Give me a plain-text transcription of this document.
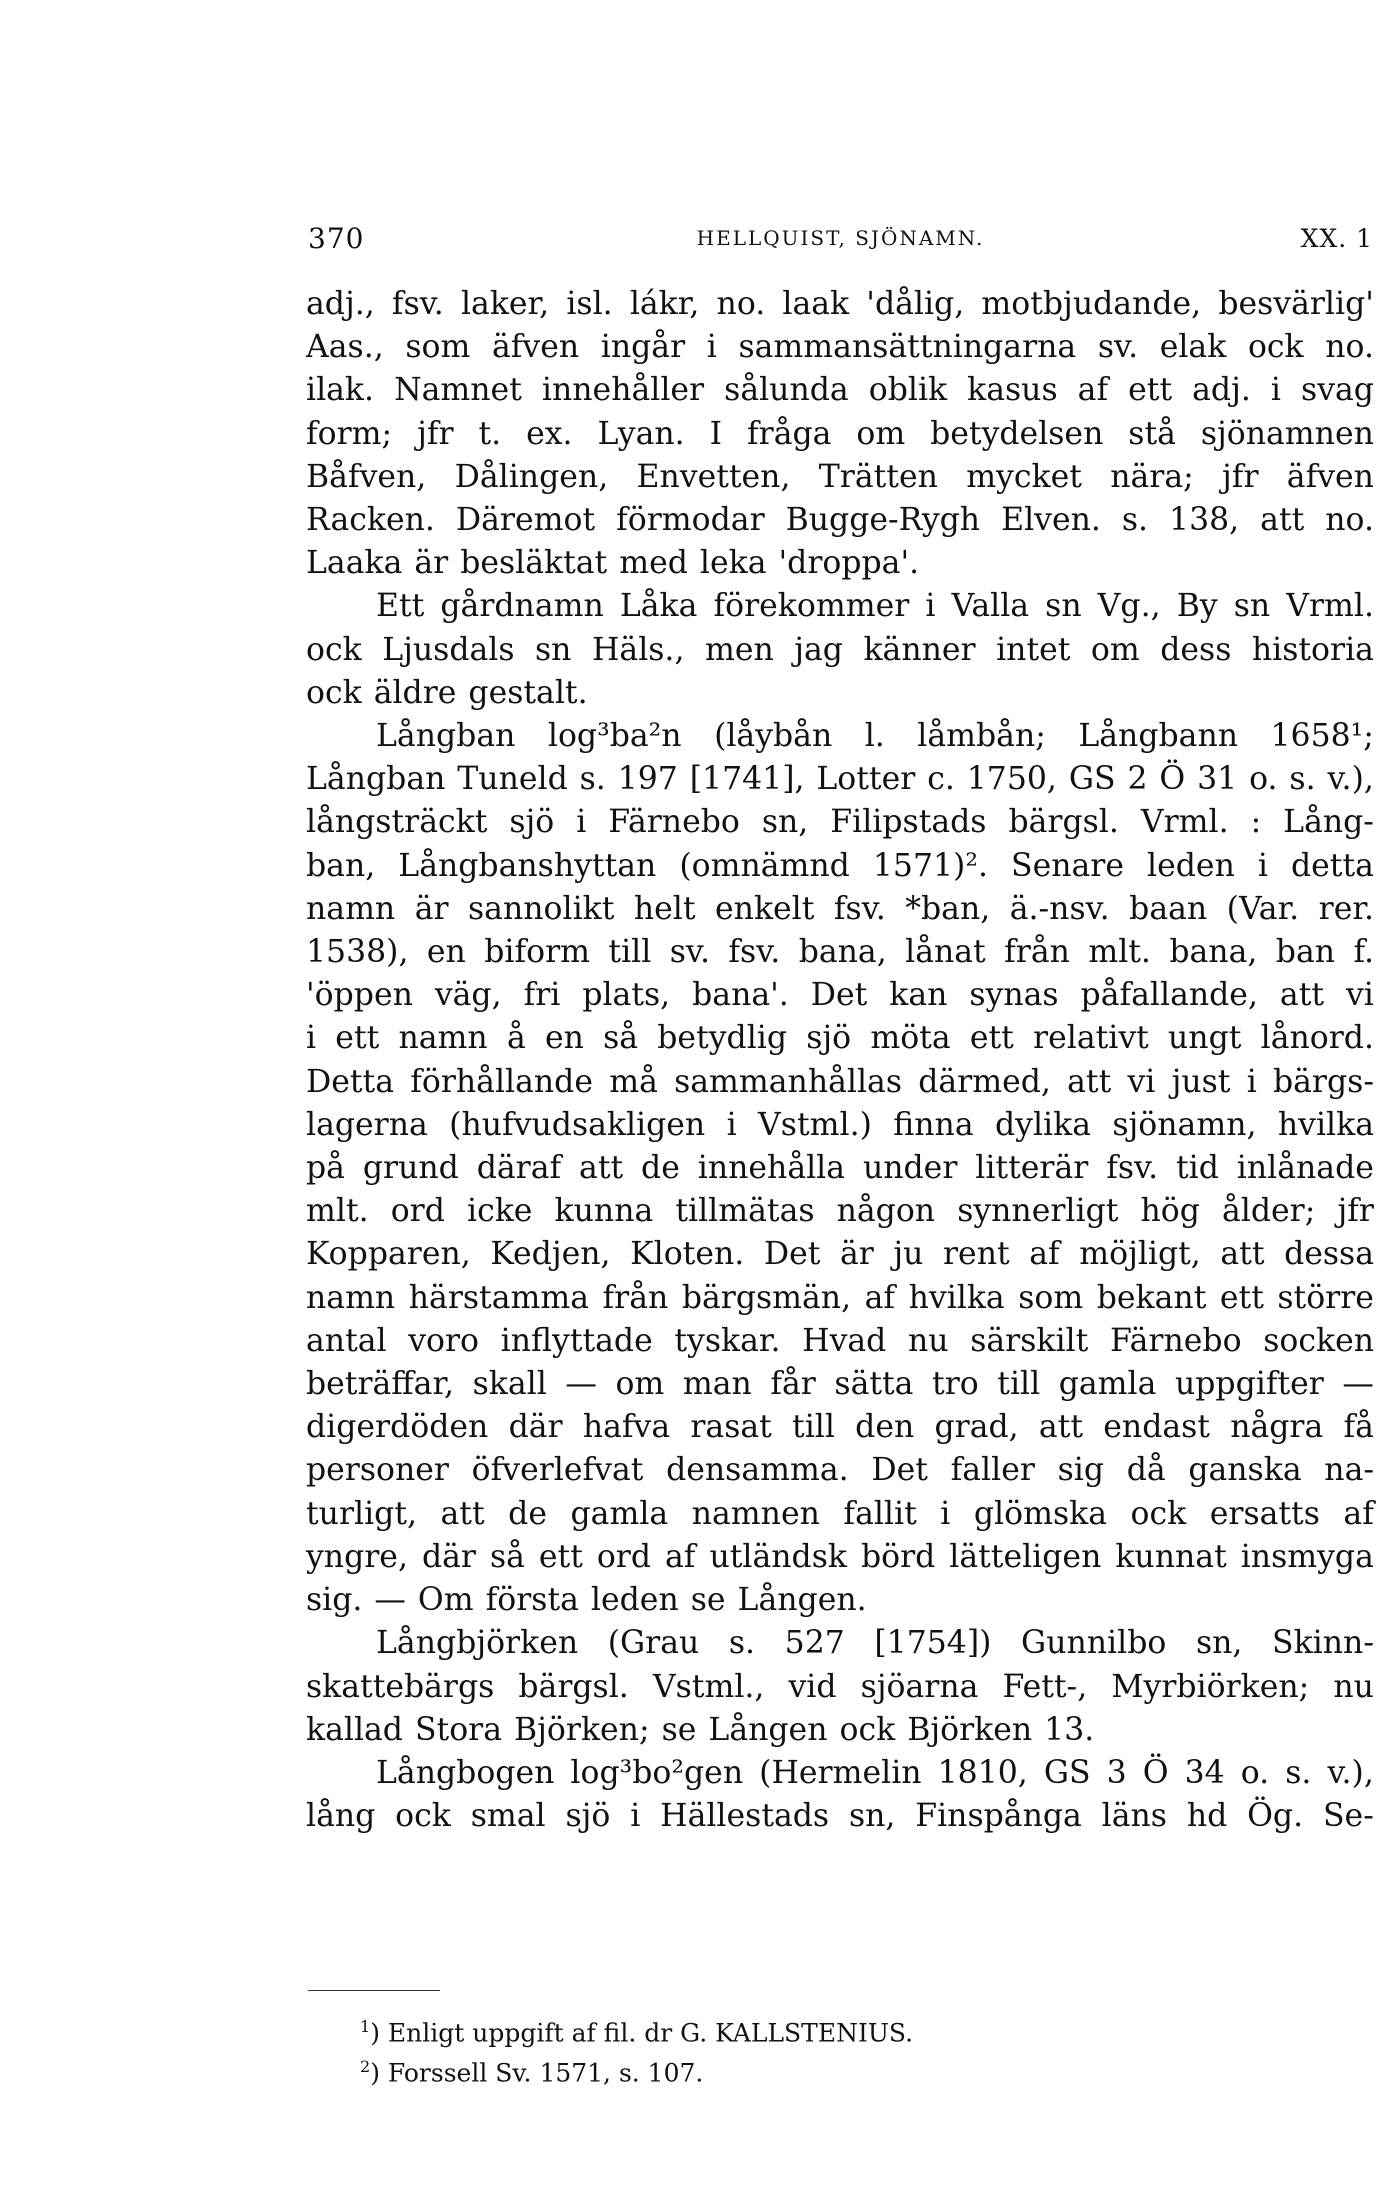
370	HELLQUIST, SJÖNAMN.	XX. 1
adj., fsv. laker, isl. lákr, no. laak 'dålig, motbjudande, besvärlig'
Aas., som äfven ingår i sammansättningarna sv. elak ock no.
ilak. Namnet innehåller sålunda oblik kasus af ett adj. i svag
form; jfr t. ex. Lyan. I fråga om betydelsen stå sjönamnen
Båfven, Dålingen, Envetten, Trätten mycket nära; jfr äfven
Racken. Däremot förmodar Bugge-Rygh Elven. s. 138, att no.
Laaka är besläktat med leka 'droppa'.
Ett gårdnamn Låka förekommer i Valla sn Vg., By sn Vrml.
ock Ljusdals sn Häls., men jag känner intet om dess historia
ock äldre gestalt.
Långban log³ba²n (låybån l. låmbån; Långbann 1658¹;
Långban Tuneld s. 197 [1741], Lotter c. 1750, GS 2 Ö 31 o. s. v.),
långsträckt sjö i Färnebo sn, Filipstads bärgsl. Vrml. : Lång-
ban, Långbanshyttan (omnämnd 1571)². Senare leden i detta
namn är sannolikt helt enkelt fsv. *ban, ä.-nsv. baan (Var. rer.
1538), en biform till sv. fsv. bana, lånat från mlt. bana, ban f.
'öppen väg, fri plats, bana'. Det kan synas påfallande, att vi
i ett namn å en så betydlig sjö möta ett relativt ungt lånord.
Detta förhållande må sammanhållas därmed, att vi just i bärgs-
lagerna (hufvudsakligen i Vstml.) finna dylika sjönamn, hvilka
på grund däraf att de innehålla under litterär fsv. tid inlånade
mlt. ord icke kunna tillmätas någon synnerligt hög ålder; jfr
Kopparen, Kedjen, Kloten. Det är ju rent af möjligt, att dessa
namn härstamma från bärgsmän, af hvilka som bekant ett större
antal voro inflyttade tyskar. Hvad nu särskilt Färnebo socken
beträffar, skall — om man får sätta tro till gamla uppgifter —
digerdöden där hafva rasat till den grad, att endast några få
personer öfverlefvat densamma. Det faller sig då ganska na-
turligt, att de gamla namnen fallit i glömska ock ersatts af
yngre, där så ett ord af utländsk börd lätteligen kunnat insmyga
sig. — Om första leden se Lången.
Långbjörken (Grau s. 527 [1754]) Gunnilbo sn, Skinn-
skattebärgs bärgsl. Vstml., vid sjöarna Fett-, Myrbiörken; nu
kallad Stora Björken; se Lången ock Björken 13.
Långbogen log³bo²gen (Hermelin 1810, GS 3 Ö 34 o. s. v.),
lång ock smal sjö i Hällestads sn, Finspånga läns hd Ög. Se-
$^1$) Enligt uppgift af fil. dr G. KALLSTENIUS.
$^2$) Forssell Sv. 1571, s. 107.
